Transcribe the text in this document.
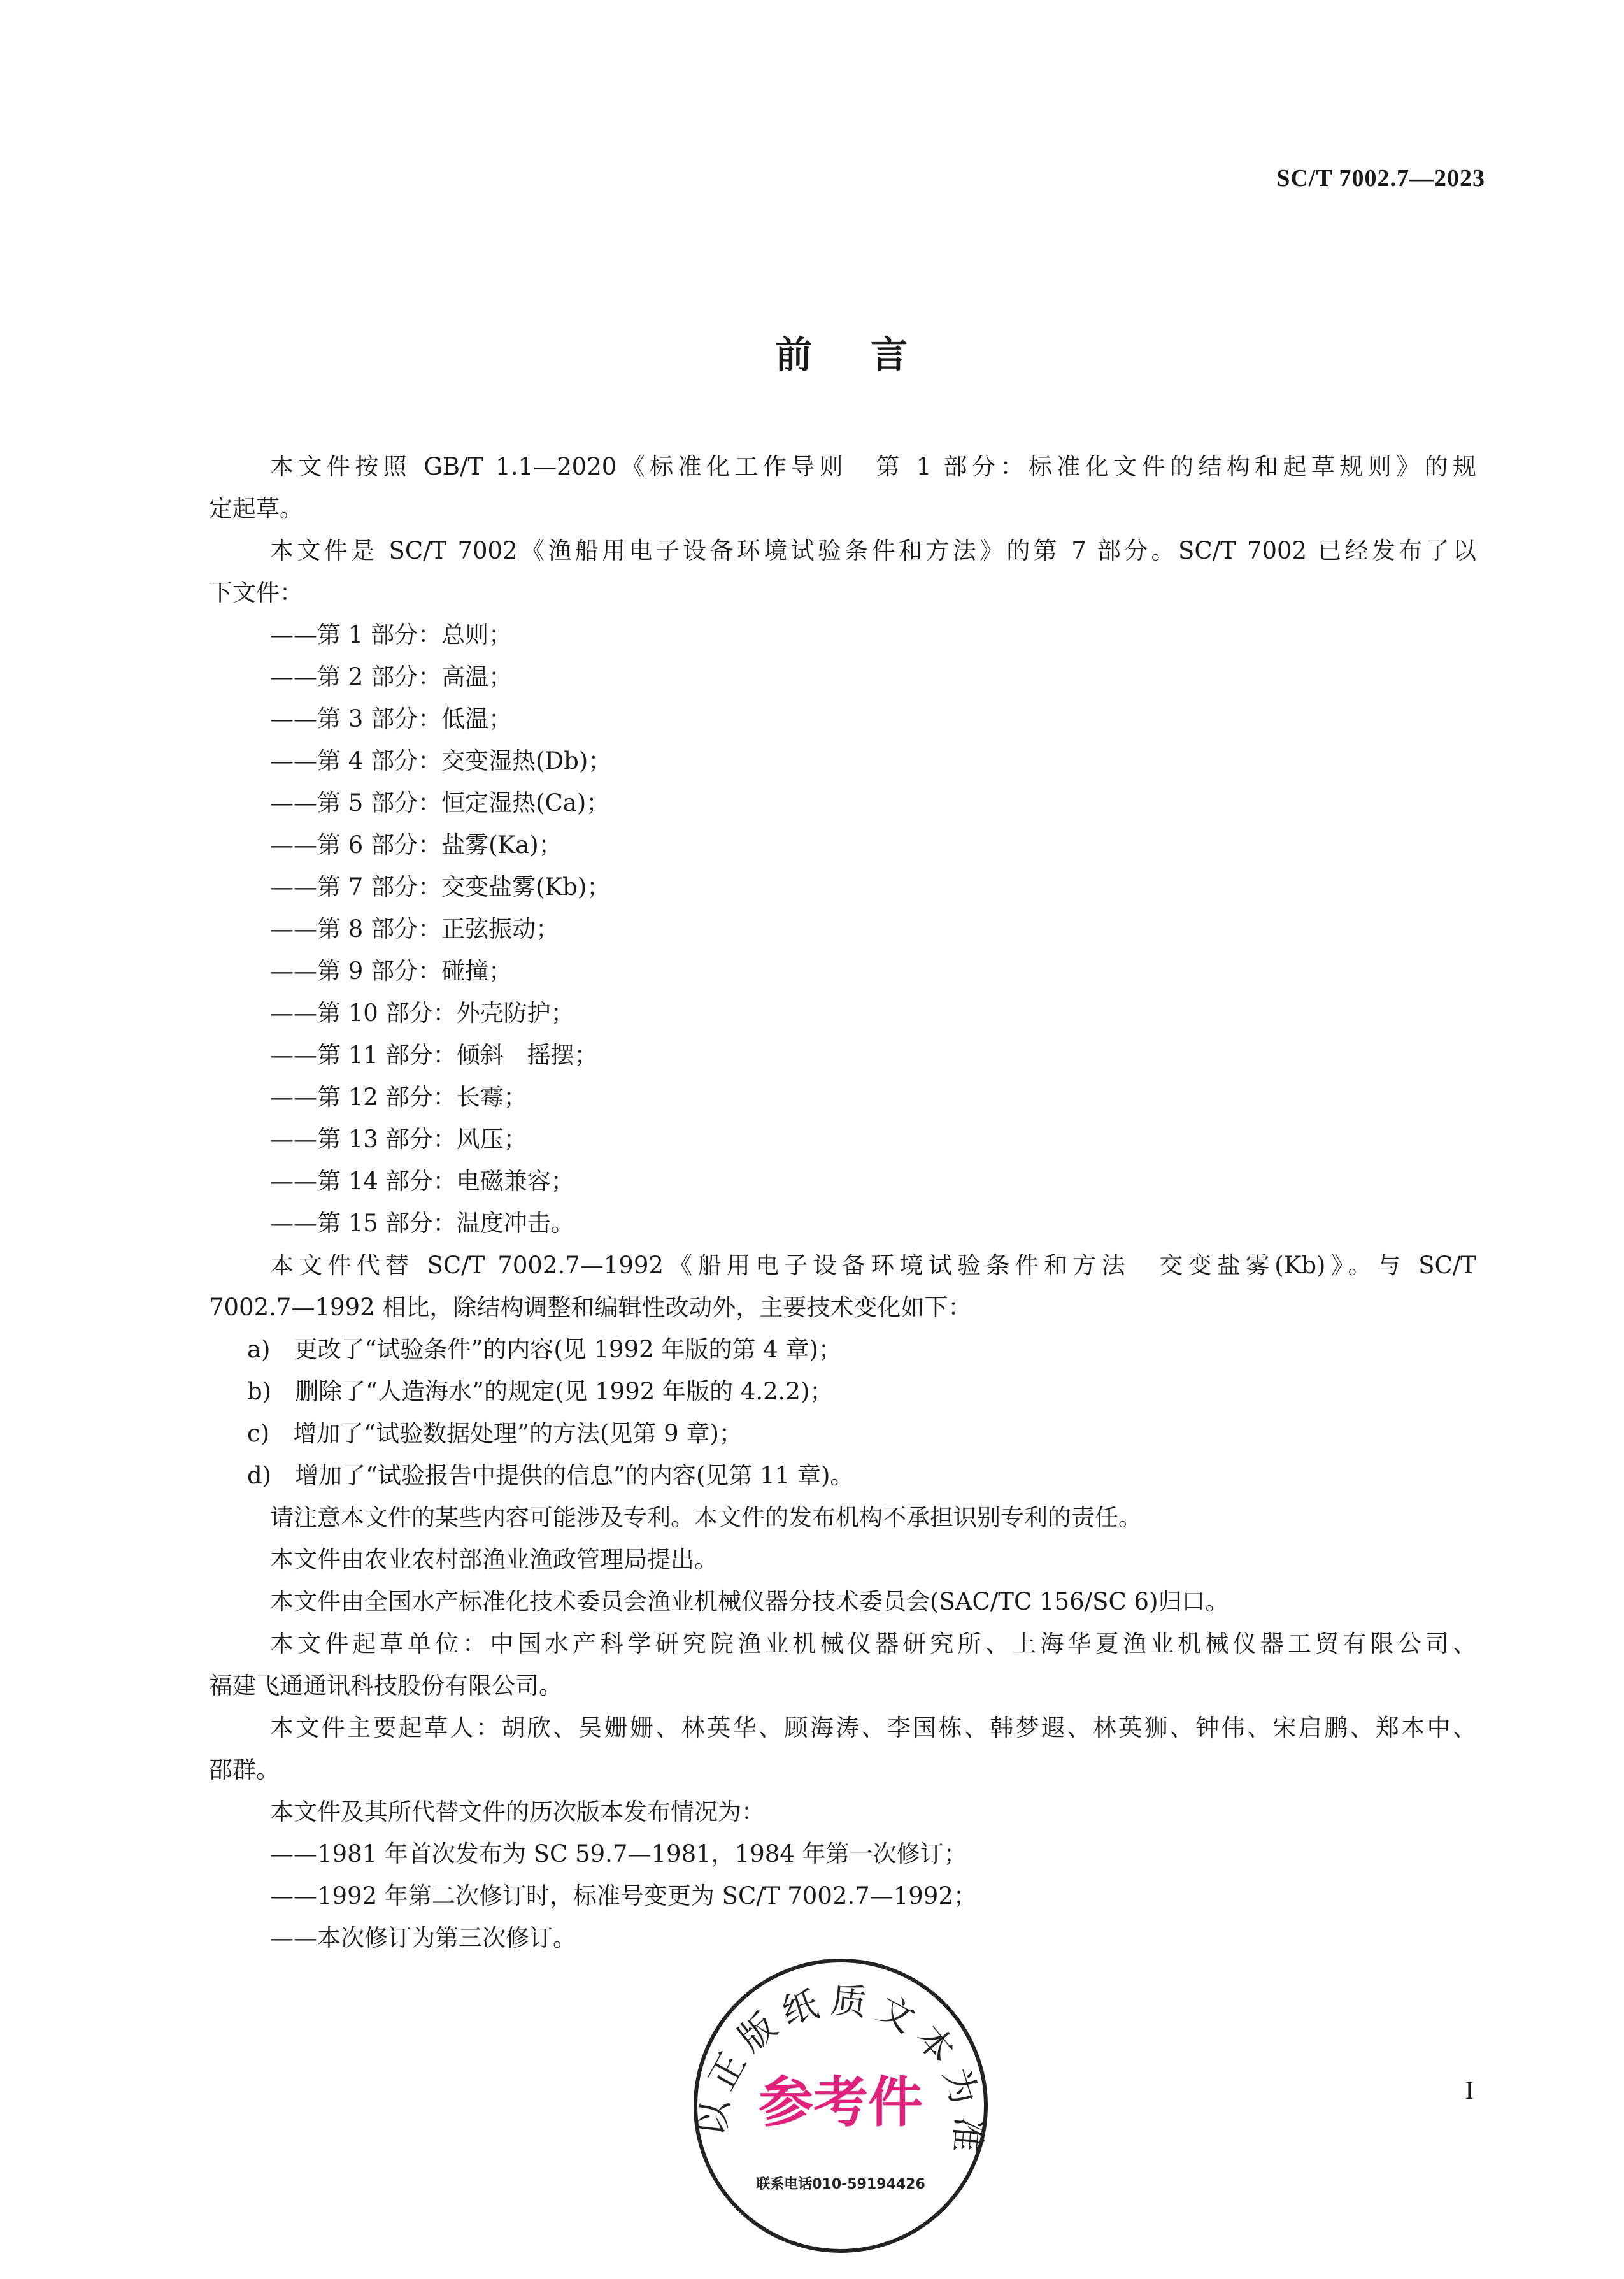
SC/T 7002.7—2023
前言
本文件按照 GB/T 1.1—2020《标准化工作导则　第 1 部分：标准化文件的结构和起草规则》的规
定起草。
本文件是 SC/T 7002《渔船用电子设备环境试验条件和方法》的第 7 部分。SC/T 7002 已经发布了以
下文件：
——第 1 部分：总则；
——第 2 部分：高温；
——第 3 部分：低温；
——第 4 部分：交变湿热(Db)；
——第 5 部分：恒定湿热(Ca)；
——第 6 部分：盐雾(Ka)；
——第 7 部分：交变盐雾(Kb)；
——第 8 部分：正弦振动；
——第 9 部分：碰撞；
——第 10 部分：外壳防护；
——第 11 部分：倾斜　摇摆；
——第 12 部分：长霉；
——第 13 部分：风压；
——第 14 部分：电磁兼容；
——第 15 部分：温度冲击。
本文件代替 SC/T 7002.7—1992《船用电子设备环境试验条件和方法　交变盐雾(Kb)》。与 SC/T
7002.7—1992 相比，除结构调整和编辑性改动外，主要技术变化如下：
a)　更改了“试验条件”的内容(见 1992 年版的第 4 章)；
b)　删除了“人造海水”的规定(见 1992 年版的 4.2.2)；
c)　增加了“试验数据处理”的方法(见第 9 章)；
d)　增加了“试验报告中提供的信息”的内容(见第 11 章)。
请注意本文件的某些内容可能涉及专利。本文件的发布机构不承担识别专利的责任。
本文件由农业农村部渔业渔政管理局提出。
本文件由全国水产标准化技术委员会渔业机械仪器分技术委员会(SAC/TC 156/SC 6)归口。
本文件起草单位：中国水产科学研究院渔业机械仪器研究所、上海华夏渔业机械仪器工贸有限公司、
福建飞通通讯科技股份有限公司。
本文件主要起草人：胡欣、吴姗姗、林英华、顾海涛、李国栋、韩梦遐、林英狮、钟伟、宋启鹏、郑本中、
邵群。
本文件及其所代替文件的历次版本发布情况为：
——1981 年首次发布为 SC 59.7—1981，1984 年第一次修订；
——1992 年第二次修订时，标准号变更为 SC/T 7002.7—1992；
——本次修订为第三次修订。
以正版纸质文本为准
参考件
联系电话010-59194426
I
